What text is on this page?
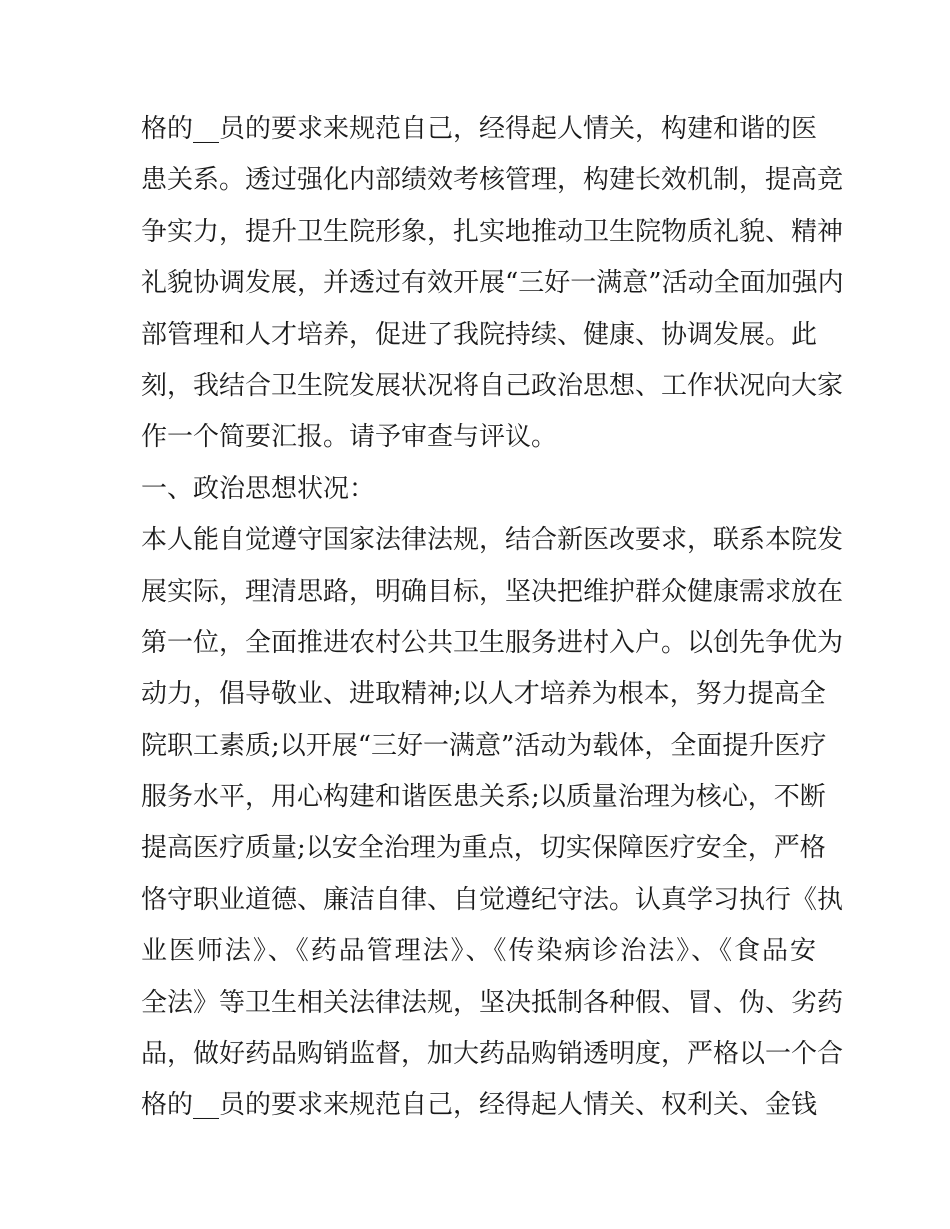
格的__员的要求来规范自己，经得起人情关，构建和谐的医
患关系。透过强化内部绩效考核管理，构建长效机制，提高竞
争实力，提升卫生院形象，扎实地推动卫生院物质礼貌、精神
礼貌协调发展，并透过有效开展“三好一满意”活动全面加强内
部管理和人才培养，促进了我院持续、健康、协调发展。此
刻，我结合卫生院发展状况将自己政治思想、工作状况向大家
作一个简要汇报。请予审查与评议。
一、政治思想状况：
本人能自觉遵守国家法律法规，结合新医改要求，联系本院发
展实际，理清思路，明确目标，坚决把维护群众健康需求放在
第一位，全面推进农村公共卫生服务进村入户。以创先争优为
动力，倡导敬业、进取精神;以人才培养为根本，努力提高全
院职工素质;以开展“三好一满意”活动为载体，全面提升医疗
服务水平，用心构建和谐医患关系;以质量治理为核心，不断
提高医疗质量;以安全治理为重点，切实保障医疗安全，严格
恪守职业道德、廉洁自律、自觉遵纪守法。认真学习执行《执
业医师法》、《药品管理法》、《传染病诊治法》、《食品安
全法》等卫生相关法律法规，坚决抵制各种假、冒、伪、劣药
品，做好药品购销监督，加大药品购销透明度，严格以一个合
格的__员的要求来规范自己，经得起人情关、权利关、金钱
